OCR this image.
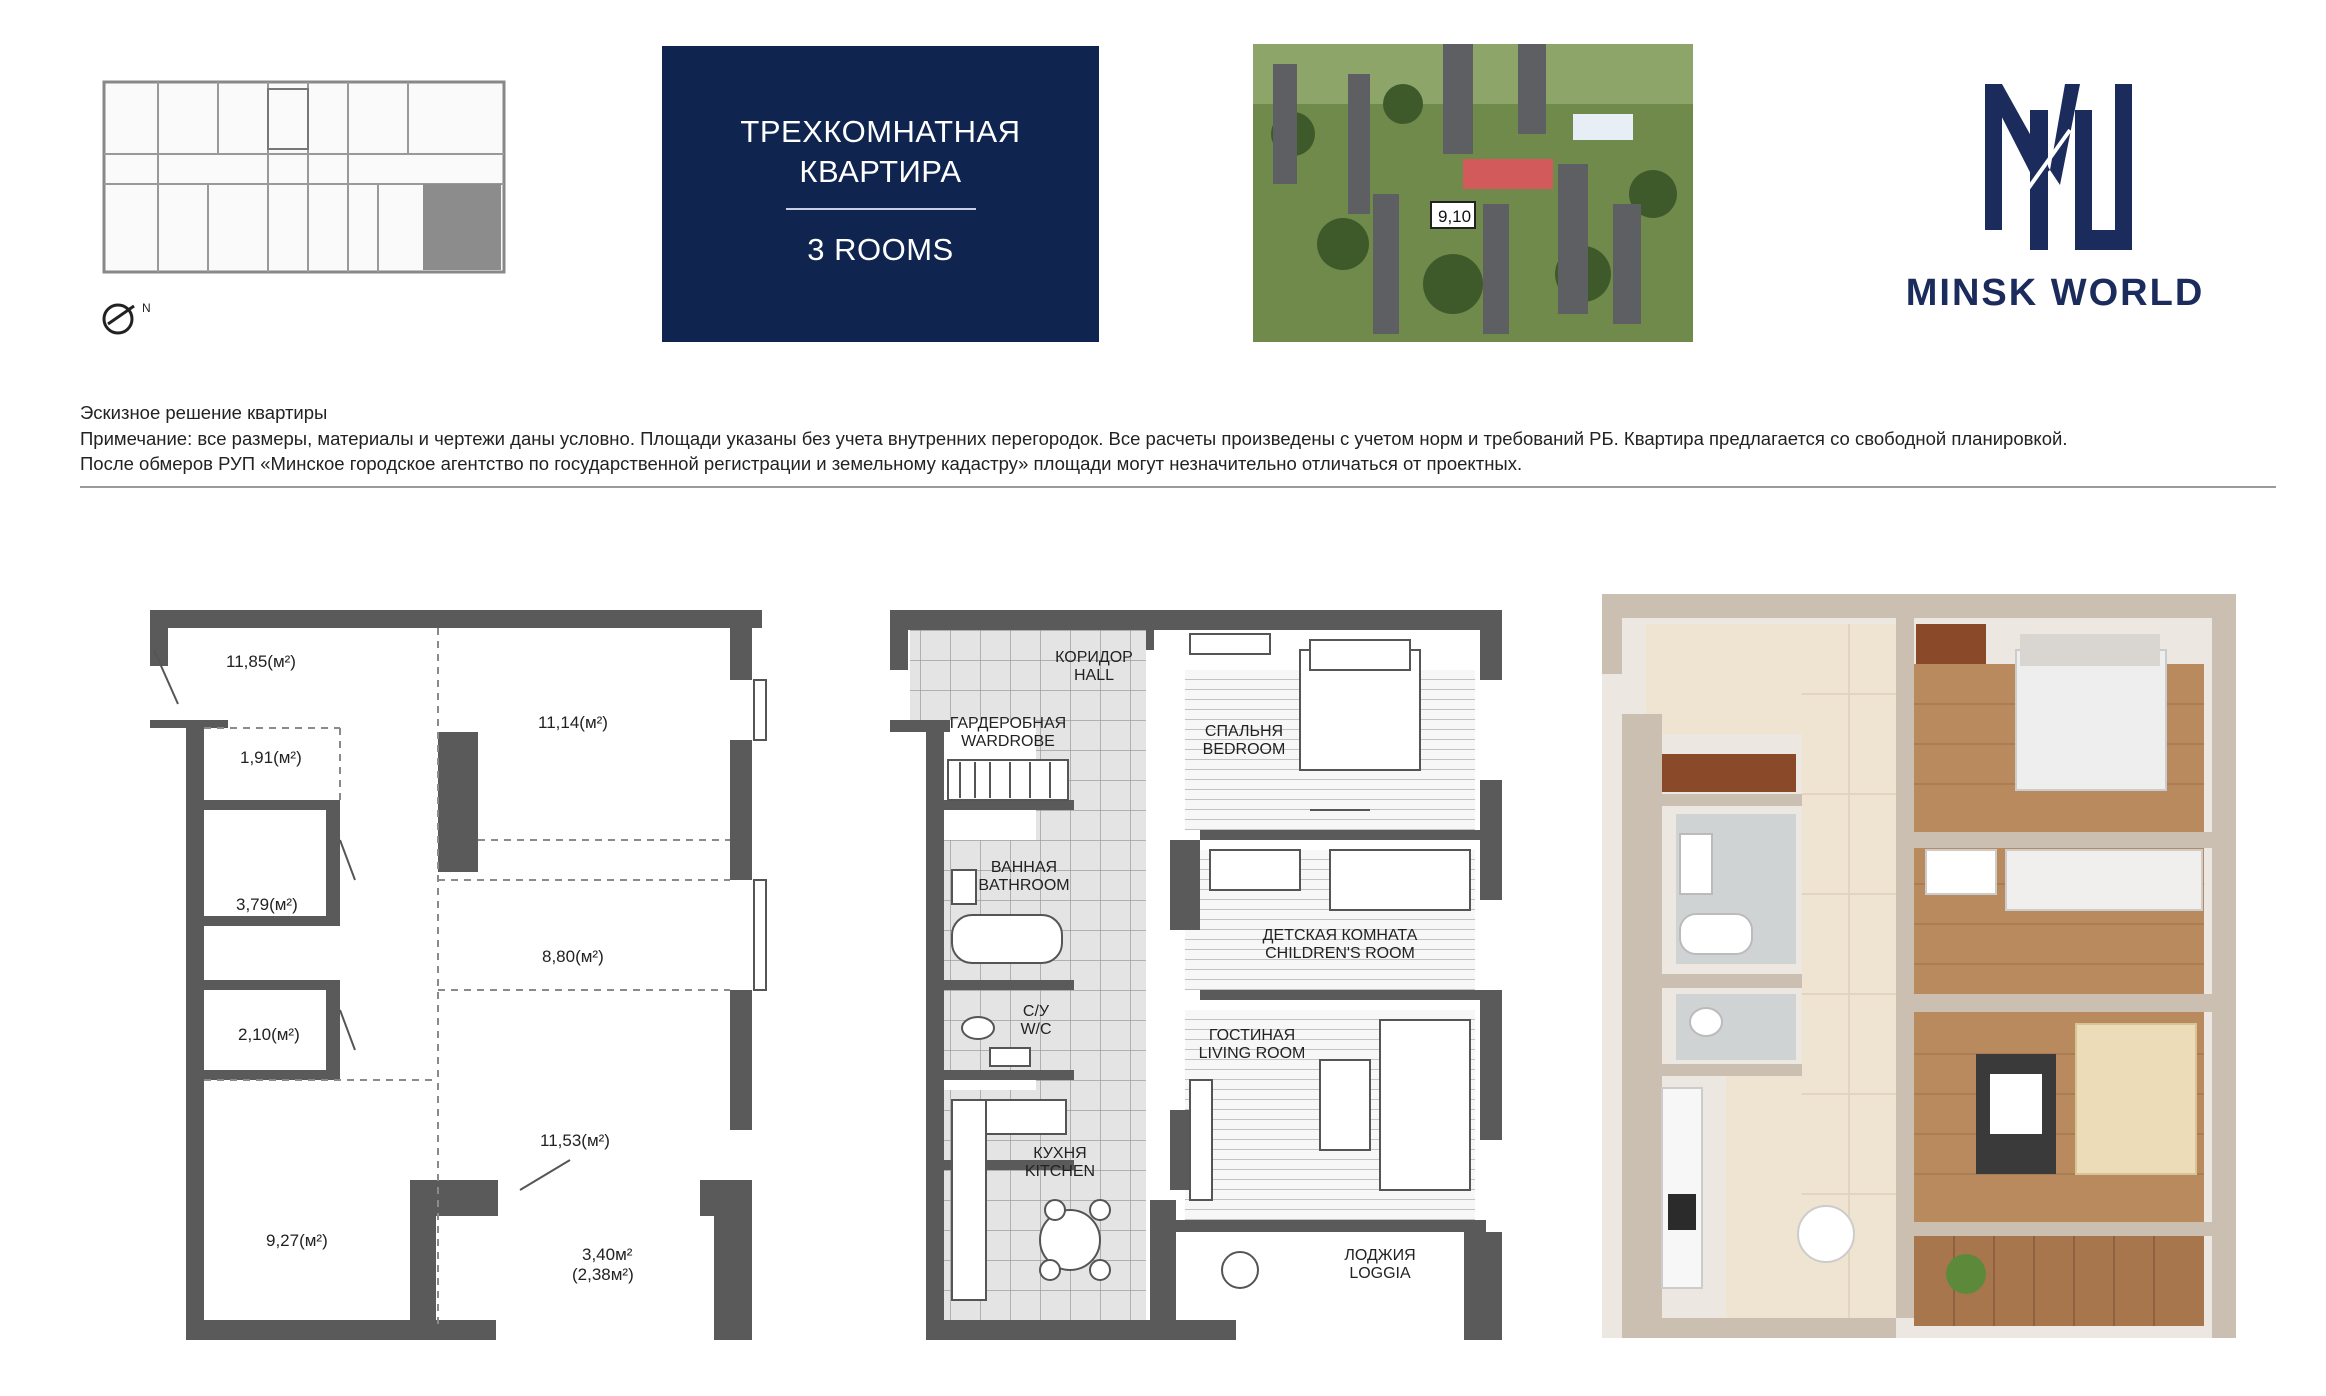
N
ТРЕХКОМНАТНАЯ
КВАРТИРА
3 ROOMS
9,10
MINSK WORLD
Эскизное решение квартиры
Примечание: все размеры, материалы и чертежи даны условно. Площади указаны без учета внутренних перегородок. Все расчеты произведены с учетом норм и требований РБ. Квартира предлагается со свободной планировкой.
После обмеров РУП «Минское городское агентство по государственной регистрации и земельному кадастру» площади могут незначительно отличаться от проектных.
11,85(м²)
1,91(м²)
3,79(м²)
2,10(м²)
9,27(м²)
11,14(м²)
8,80(м²)
11,53(м²)
3,40м²
(2,38м²)
КОРИДОР
HALL
ГАРДЕРОБНАЯ
WARDROBE
СПАЛЬНЯ
BEDROOM
ВАННАЯ
BATHROOM
ДЕТСКАЯ КОМНАТА
CHILDREN'S ROOM
С/У
W/C	ГОСТИНАЯ
LIVING ROOM
КУХНЯ
KITCHEN
ЛОДЖИЯ
LOGGIA
